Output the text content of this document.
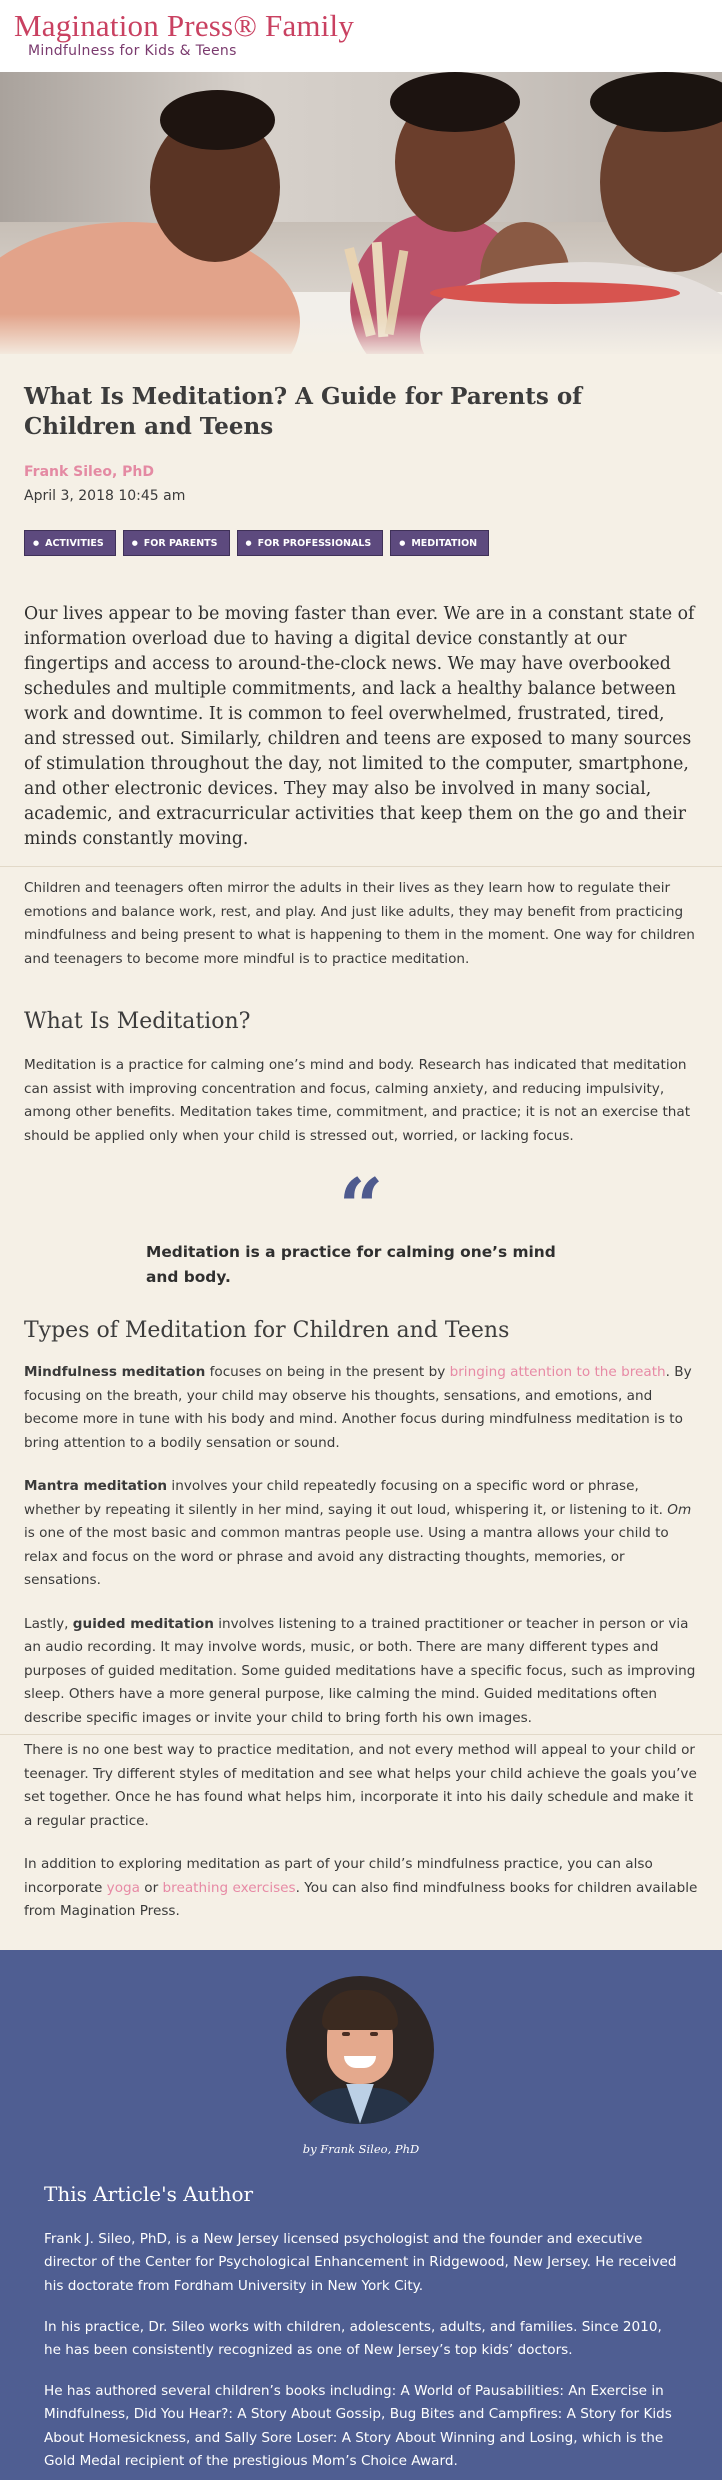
Magination Press® Family
Mindfulness for Kids & Teens
What Is Meditation? A Guide for Parents of Children and Teens
Frank Sileo, PhD
April 3, 2018 10:45 am
● ACTIVITIES	● FOR PARENTS	● FOR PROFESSIONALS	● MEDITATION

Our lives appear to be moving faster than ever. We are in a constant state of information overload due to having a digital device constantly at our fingertips and access to around-the-clock news. We may have overbooked schedules and multiple commitments, and lack a healthy balance between work and downtime. It is common to feel overwhelmed, frustrated, tired, and stressed out. Similarly, children and teens are exposed to many sources of stimulation throughout the day, not limited to the computer, smartphone, and other electronic devices. They may also be involved in many social, academic, and extracurricular activities that keep them on the go and their minds constantly moving.

Children and teenagers often mirror the adults in their lives as they learn how to regulate their emotions and balance work, rest, and play. And just like adults, they may benefit from practicing mindfulness and being present to what is happening to them in the moment. One way for children and teenagers to become more mindful is to practice meditation.

What Is Meditation?

Meditation is a practice for calming one’s mind and body. Research has indicated that meditation can assist with improving concentration and focus, calming anxiety, and reducing impulsivity, among other benefits. Meditation takes time, commitment, and practice; it is not an exercise that should be applied only when your child is stressed out, worried, or lacking focus.

“

Meditation is a practice for calming one’s mind and body.

Types of Meditation for Children and Teens

Mindfulness meditation focuses on being in the present by bringing attention to the breath. By focusing on the breath, your child may observe his thoughts, sensations, and emotions, and become more in tune with his body and mind. Another focus during mindfulness meditation is to bring attention to a bodily sensation or sound.

Mantra meditation involves your child repeatedly focusing on a specific word or phrase, whether by repeating it silently in her mind, saying it out loud, whispering it, or listening to it. Om is one of the most basic and common mantras people use. Using a mantra allows your child to relax and focus on the word or phrase and avoid any distracting thoughts, memories, or sensations.

Lastly, guided meditation involves listening to a trained practitioner or teacher in person or via an audio recording. It may involve words, music, or both. There are many different types and purposes of guided meditation. Some guided meditations have a specific focus, such as improving sleep. Others have a more general purpose, like calming the mind. Guided meditations often describe specific images or invite your child to bring forth his own images.

There is no one best way to practice meditation, and not every method will appeal to your child or teenager. Try different styles of meditation and see what helps your child achieve the goals you’ve set together. Once he has found what helps him, incorporate it into his daily schedule and make it a regular practice.

In addition to exploring meditation as part of your child’s mindfulness practice, you can also incorporate yoga or breathing exercises. You can also find mindfulness books for children available from Magination Press.

by Frank Sileo, PhD
This Article's Author

Frank J. Sileo, PhD, is a New Jersey licensed psychologist and the founder and executive director of the Center for Psychological Enhancement in Ridgewood, New Jersey. He received his doctorate from Fordham University in New York City.

In his practice, Dr. Sileo works with children, adolescents, adults, and families. Since 2010, he has been consistently recognized as one of New Jersey’s top kids’ doctors.

He has authored several children’s books including: A World of Pausabilities: An Exercise in Mindfulness, Did You Hear?: A Story About Gossip, Bug Bites and Campfires: A Story for Kids About Homesickness, and Sally Sore Loser: A Story About Winning and Losing, which is the Gold Medal recipient of the prestigious Mom’s Choice Award.
